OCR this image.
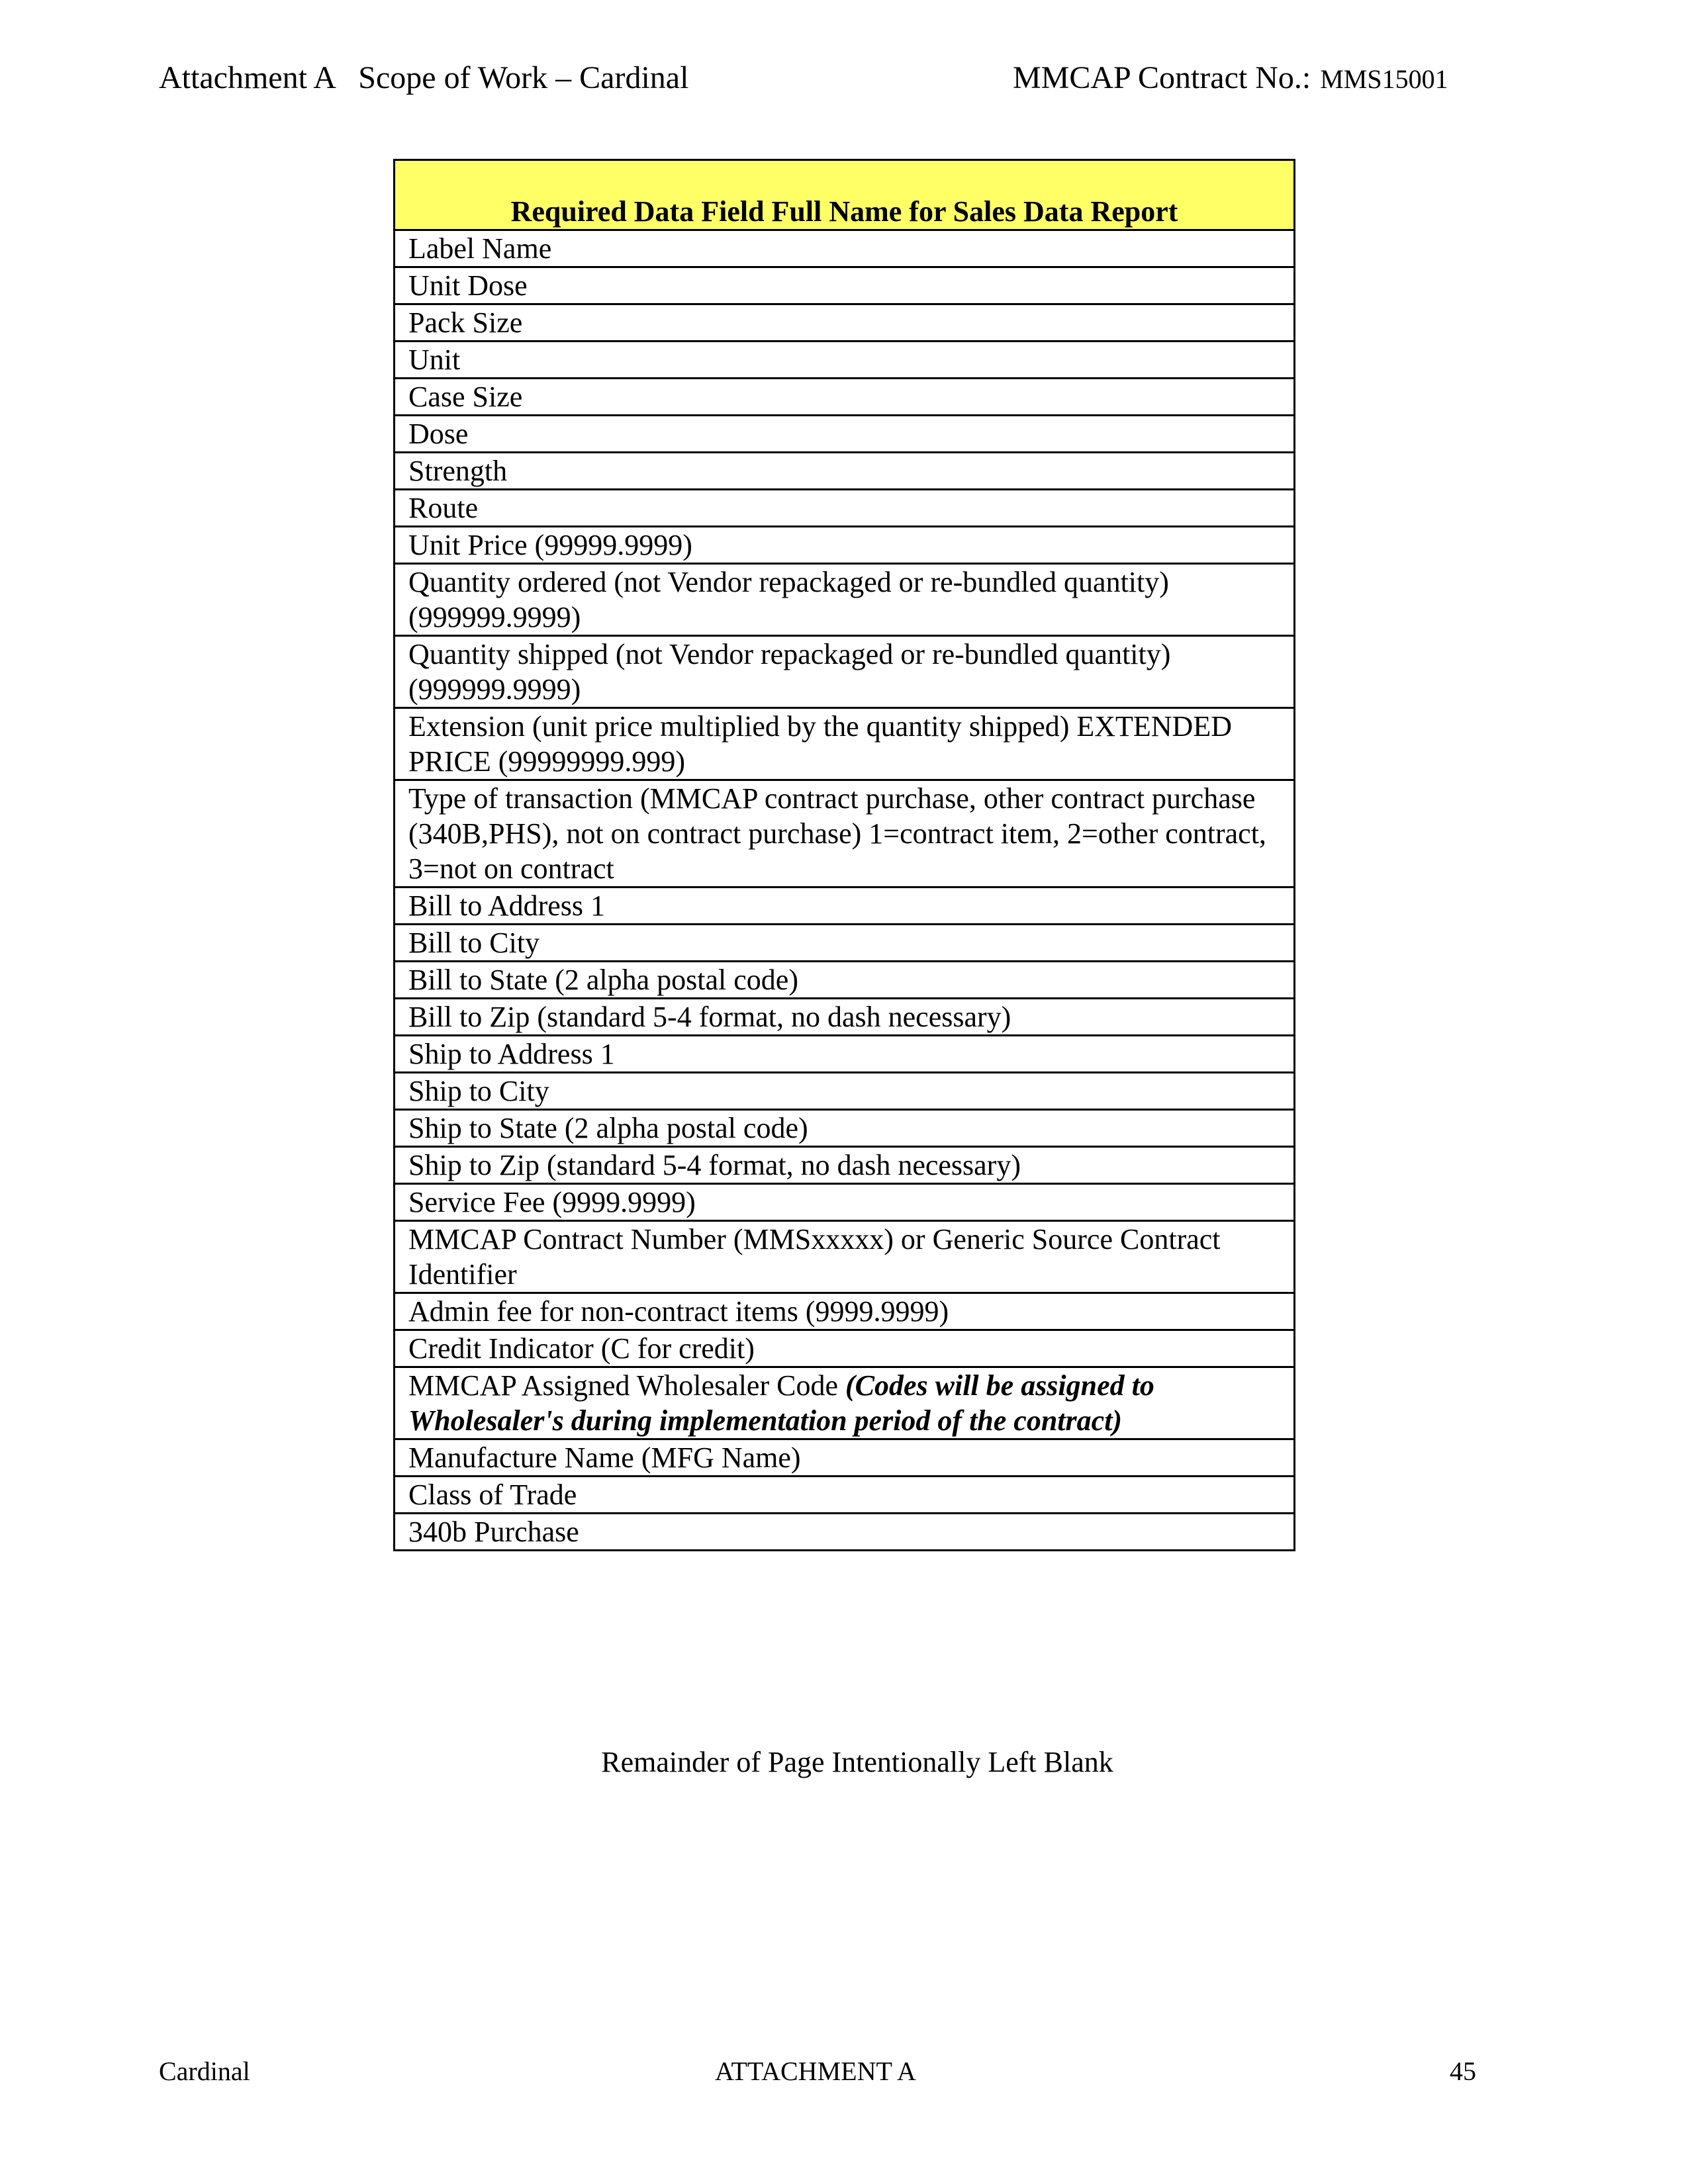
Attachment A   Scope of Work – Cardinal	MMCAP Contract No.: MMS15001
Required Data Field Full Name for Sales Data Report
Label Name
Unit Dose
Pack Size
Unit
Case Size
Dose
Strength
Route
Unit Price (99999.9999)
Quantity ordered (not Vendor repackaged or re-bundled quantity)(999999.9999)
Quantity shipped (not Vendor repackaged or re-bundled quantity) (999999.9999)
Extension (unit price multiplied by the quantity shipped) EXTENDED PRICE (99999999.999)
Type of transaction (MMCAP contract purchase, other contract purchase (340B,PHS), not on contract purchase) 1=contract item, 2=other contract, 3=not on contract
Bill to Address 1
Bill to City
Bill to State (2 alpha postal code)
Bill to Zip (standard 5-4 format, no dash necessary)
Ship to Address 1
Ship to City
Ship to State (2 alpha postal code)
Ship to Zip (standard 5-4 format, no dash necessary)
Service Fee (9999.9999)
MMCAP Contract Number (MMSxxxxx) or Generic Source Contract Identifier
Admin fee for non-contract items (9999.9999)
Credit Indicator (C for credit)
MMCAP Assigned Wholesaler Code (Codes will be assigned to Wholesaler's during implementation period of the contract)
Manufacture Name (MFG Name)
Class of Trade
340b Purchase
Remainder of Page Intentionally Left Blank
Cardinal	ATTACHMENT A	45
